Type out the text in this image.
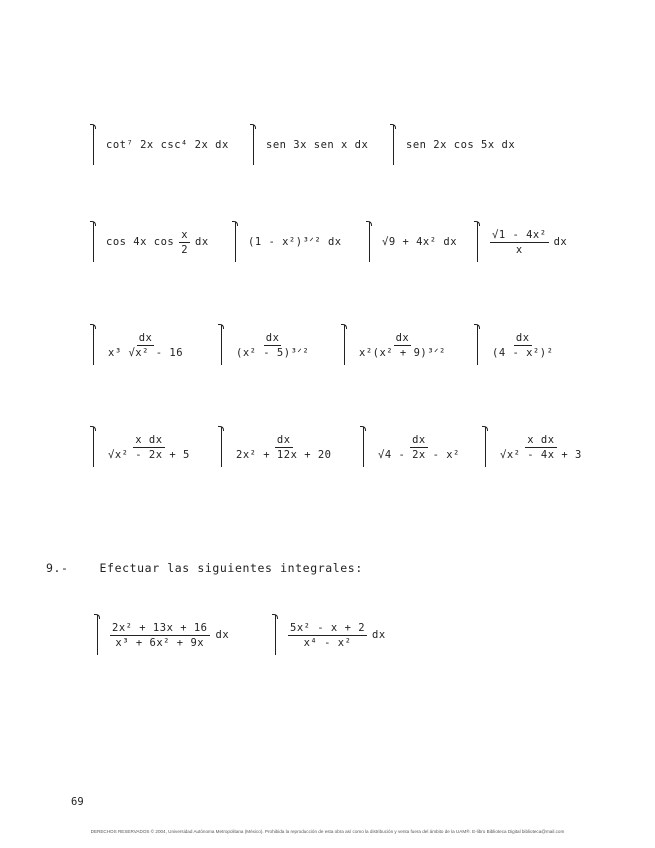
cot⁷ 2x csc⁴ 2x dx	sen 3x sen x dx	sen 2x cos 5x dx
cos 4x $\cos \frac{x}{2}$ dx	(1 - x²)³ᐟ² dx	√9 + 4x² dx	$\frac{\text{√1 - 4x²}}{x}$ dx
$\frac{dx}{\text{x³ √x² - 16}}$	$\frac{dx}{\text{(x² - 5)³ᐟ²}}$	$\frac{dx}{\text{x²(x² + 9)³ᐟ²}}$	$\frac{dx}{\text{(4 - x²)²}}$
$\frac{\text{x dx}}{\text{√x² - 2x + 5}}$	$\frac{dx}{\text{2x² + 12x + 20}}$	$\frac{dx}{\text{√4 - 2x - x²}}$	$\frac{\text{x dx}}{\text{√x² - 4x + 3}}$
9.-	Efectuar las siguientes integrales:
$\frac{\text{2x² + 13x + 16}}{\text{x³ + 6x² + 9x}}$ dx	$\frac{\text{5x² - x + 2}}{\text{x⁴ - x²}}$ dx
69
DERECHOS RESERVADOS © 2004, Universidad Autónoma Metropolitana (México). Prohibida la reproducción de esta obra así como la distribución y venta fuera del ámbito de la UAM®. E-libro Biblioteca Digital biblioteca@mail.com
